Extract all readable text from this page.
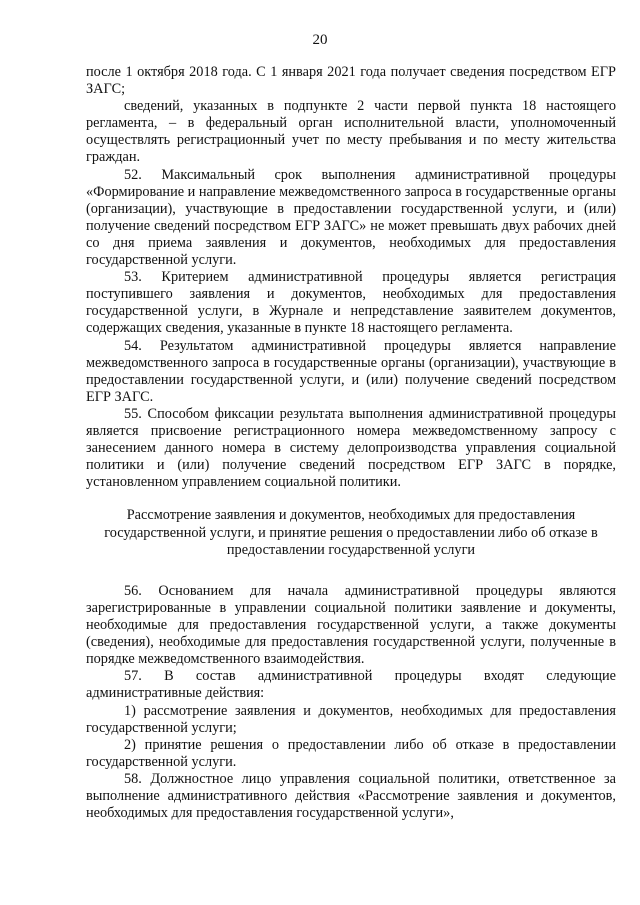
20

после 1 октября 2018 года. С 1 января 2021 года получает сведения посредством ЕГР ЗАГС;

сведений, указанных в подпункте 2 части первой пункта 18 настоящего регламента, – в федеральный орган исполнительной власти, уполномоченный осуществлять регистрационный учет по месту пребывания и по месту жительства граждан.

52. Максимальный срок выполнения административной процедуры «Формирование и направление межведомственного запроса в государственные органы (организации), участвующие в предоставлении государственной услуги, и (или) получение сведений посредством ЕГР ЗАГС» не может превышать двух рабочих дней со дня приема заявления и документов, необходимых для предоставления государственной услуги.

53. Критерием административной процедуры является регистрация поступившего заявления и документов, необходимых для предоставления государственной услуги, в Журнале и непредставление заявителем документов, содержащих сведения, указанные в пункте 18 настоящего регламента.

54. Результатом административной процедуры является направление межведомственного запроса в государственные органы (организации), участвующие в предоставлении государственной услуги, и (или) получение сведений посредством ЕГР ЗАГС.

55. Способом фиксации результата выполнения административной процедуры является присвоение регистрационного номера межведомственному запросу с занесением данного номера в систему делопроизводства управления социальной политики и (или) получение сведений посредством ЕГР ЗАГС в порядке, установленном управлением социальной политики.

Рассмотрение заявления и документов, необходимых для предоставления государственной услуги, и принятие решения о предоставлении либо об отказе в предоставлении государственной услуги

56. Основанием для начала административной процедуры являются зарегистрированные в управлении социальной политики заявление и документы, необходимые для предоставления государственной услуги, а также документы (сведения), необходимые для предоставления государственной услуги, полученные в порядке межведомственного взаимодействия.

57. В состав административной процедуры входят следующие административные действия:

1) рассмотрение заявления и документов, необходимых для предоставления государственной услуги;

2) принятие решения о предоставлении либо об отказе в предоставлении государственной услуги.

58. Должностное лицо управления социальной политики, ответственное за выполнение административного действия «Рассмотрение заявления и документов, необходимых для предоставления государственной услуги»,
